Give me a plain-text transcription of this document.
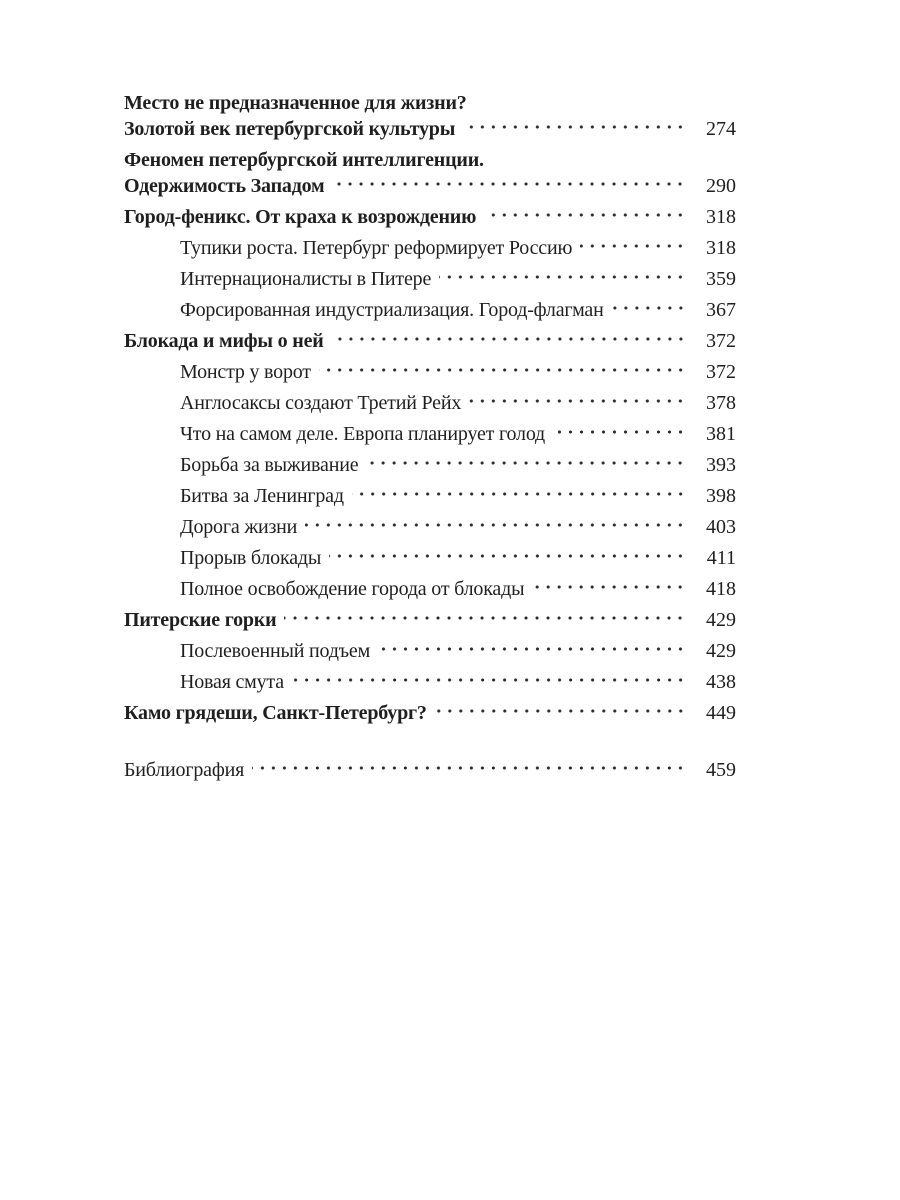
Место не предназначенное для жизни?
Золотой век петербургской культуры	274
Феномен петербургской интеллигенции.
Одержимость Западом	290
Город-феникс. От краха к возрождению	318
Тупики роста. Петербург реформирует Россию	318
Интернационалисты в Питере	359
Форсированная индустриализация. Город-флагман	367
Блокада и мифы о ней	372
Монстр у ворот	372
Англосаксы создают Третий Рейх	378
Что на самом деле. Европа планирует голод	381
Борьба за выживание	393
Битва за Ленинград	398
Дорога жизни	403
Прорыв блокады	411
Полное освобождение города от блокады	418
Питерские горки	429
Послевоенный подъем	429
Новая смута	438
Камо грядеши, Санкт-Петербург?	449
Библиография	459
